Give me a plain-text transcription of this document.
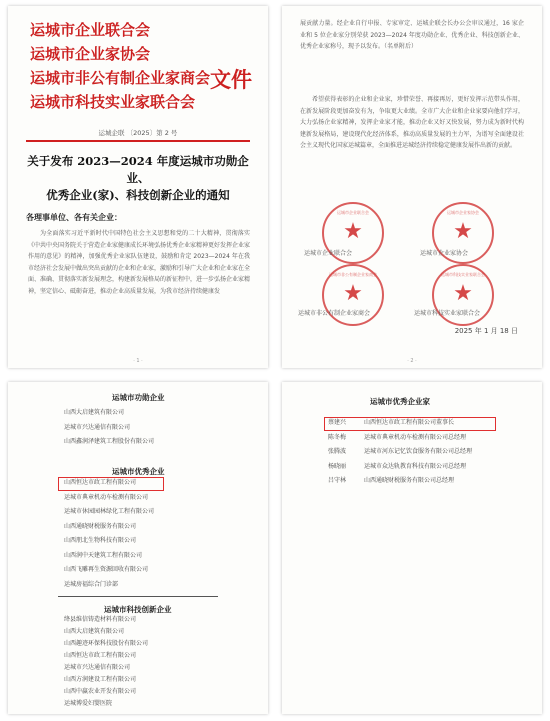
运城市企业联合会
运城市企业家协会
运城市非公有制企业家商会
运城市科技实业家联合会
文件
运城企联 〔2025〕第 2 号
关于发布 2023—2024 年度运城市功勋企业、
优秀企业(家)、科技创新企业的通知
各理事单位、各有关企业：
为全面落实习近平新时代中国特色社会主义思想和党的二十大精神，贯彻落实《中共中央国务院关于营造企业家健康成长环境弘扬优秀企业家精神更好发挥企业家作用的意见》的精神，加强优秀企业家队伍建设，鼓励和肯定 2023—2024 年在我市经济社会发展中做出突出贡献的企业和企业家，激励和引导广大企业和企业家在全面、准确、贯彻落实新发展理念，构建新发展格局的新征程中，进一步弘扬企业家精神，坚定信心、砥砺奋进，推动企业高质量发展，为我市经济持续健康发
· 1 ·
展贡献力量。经企业自行申报、专家审定、运城企联会长办公会审议通过，16 家企业和 5 位企业家分别荣获 2023—2024 年度功勋企业、优秀企业、科技创新企业、优秀企业家称号，现予以发布。（名单附后）
希望获得表彰的企业和企业家，珍惜荣誉、再接再厉，更好发挥示范带头作用，在新发展阶段更加奋发有为，争取更大业绩。全市广大企业和企业家要向他们学习，大力弘扬企业家精神，发挥企业家才能，推动企业又好又快发展，努力成为新时代构建新发展格局，建设现代化经济体系，推动高质量发展的主力军，为谱写全面建设社会主义现代化国家运城篇章，全面推进运城经济持续稳定健康发展作出新的贡献。
运城市企业联合会
★
运城市企业家协会
★
运城市非公有制企业家商会
★
运城市科技实业家联合会
★
运城市企业联合会	运城市企业家协会
运城市非公有制企业家商会	运城市科技实业家联合会
2025 年 1 月 18 日
· 2 ·
运城市功勋企业
山西大启建筑有限公司
运城市兴达通信有限公司
山西鑫润泽建筑工程股份有限公司
运城市优秀企业
山西恒达市政工程有限公司
运城市典章机动车检测有限公司
运城市休园园林绿化工程有限公司
山西通晓财税服务有限公司
山西朋北生物科技有限公司
山西润中天建筑工程有限公司
山西飞雕再生资源回收有限公司
运城房福综合门诊部
运城市科技创新企业
绛县维信铸造材料有限公司
山西大启建筑有限公司
山西趣迹环保科技股份有限公司
山西恒达市政工程有限公司
运城市兴达通信有限公司
山西方润建设工程有限公司
山西中赢农业开发有限公司
运城博爱妇婴医院
运城市优秀企业家
蔡建兴	山西恒达市政工程有限公司董事长
陈冬梅	运城市典章机动车检测有限公司总经理
张腾波	运城市河东记忆饮食服务有限公司总经理
杨晓丽	运城市众达轨教育科技有限公司总经理
吕守林	山西通晓财税服务有限公司总经理
